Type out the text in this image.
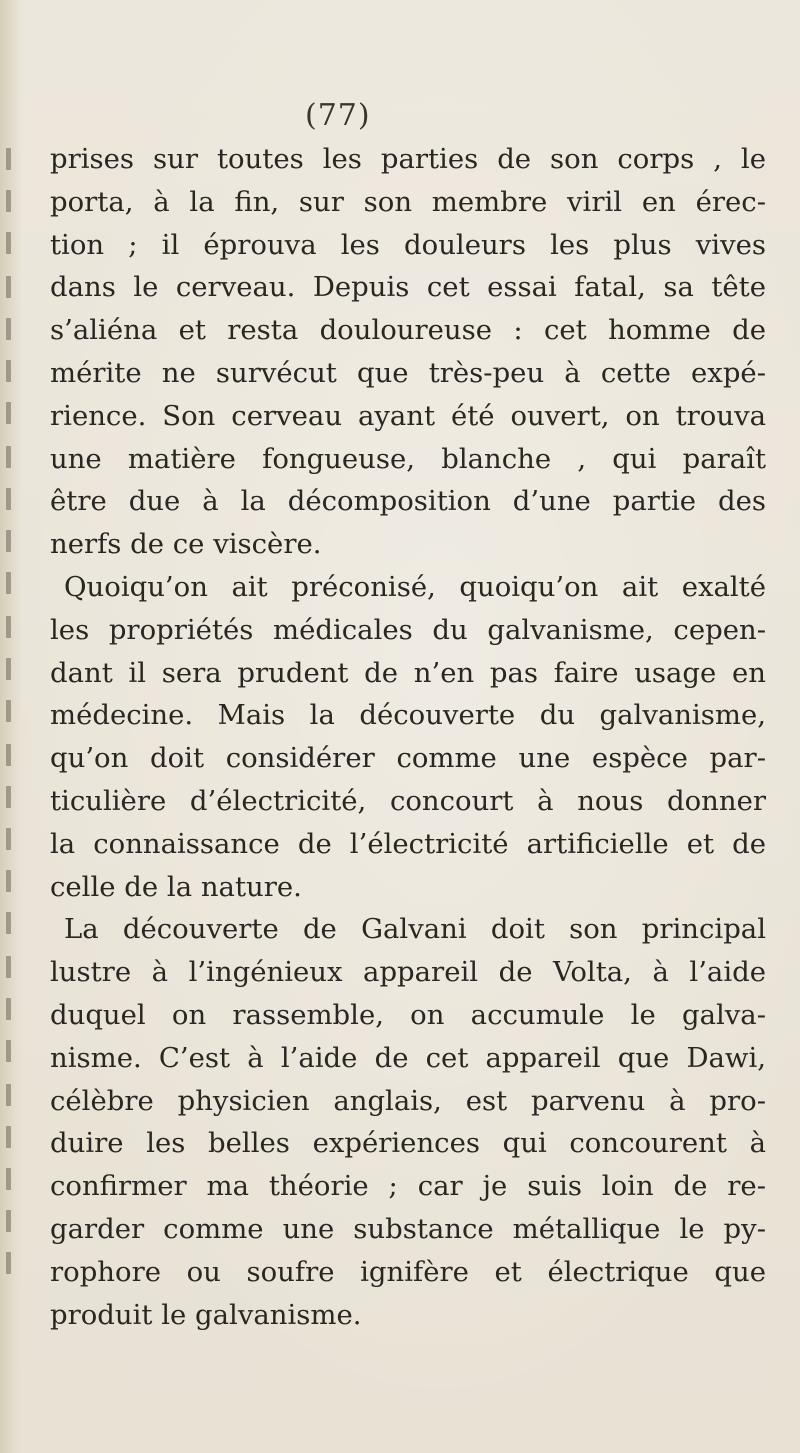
(77)
prises sur toutes les parties de son corps , le
porta, à la fin, sur son membre viril en érec-
tion ; il éprouva les douleurs les plus vives
dans le cerveau. Depuis cet essai fatal, sa tête
s’aliéna et resta douloureuse : cet homme de
mérite ne survécut que très-peu à cette expé-
rience. Son cerveau ayant été ouvert, on trouva
une matière fongueuse, blanche , qui paraît
être due à la décomposition d’une partie des
nerfs de ce viscère.
Quoiqu’on ait préconisé, quoiqu’on ait exalté
les propriétés médicales du galvanisme, cepen-
dant il sera prudent de n’en pas faire usage en
médecine. Mais la découverte du galvanisme,
qu’on doit considérer comme une espèce par-
ticulière d’électricité, concourt à nous donner
la connaissance de l’électricité artificielle et de
celle de la nature.
La découverte de Galvani doit son principal
lustre à l’ingénieux appareil de Volta, à l’aide
duquel on rassemble, on accumule le galva-
nisme. C’est à l’aide de cet appareil que Dawi,
célèbre physicien anglais, est parvenu à pro-
duire les belles expériences qui concourent à
confirmer ma théorie ; car je suis loin de re-
garder comme une substance métallique le py-
rophore ou soufre ignifère et électrique que
produit le galvanisme.
